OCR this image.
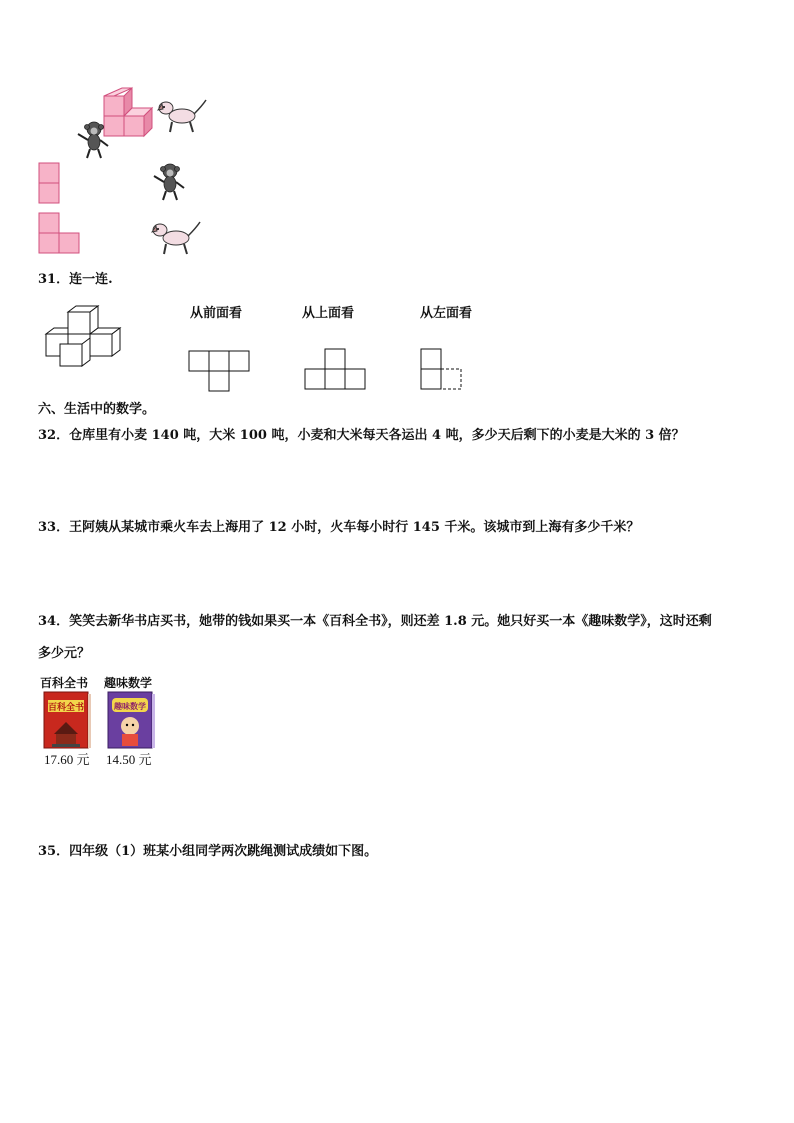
31．连一连.
从前面看	从上面看	从左面看
六、生活中的数学。
32．仓库里有小麦 140 吨，大米 100 吨，小麦和大米每天各运出 4 吨，多少天后剩下的小麦是大米的 3 倍？
33．王阿姨从某城市乘火车去上海用了 12 小时，火车每小时行 145 千米。该城市到上海有多少千米？
34．笑笑去新华书店买书，她带的钱如果买一本《百科全书》，则还差 1.8 元。她只好买一本《趣味数学》，这时还剩
多少元？
百科全书
百科全书
17.60 元
趣味数学
趣味数学
14.50 元
35．四年级（1）班某小组同学两次跳绳测试成绩如下图。
